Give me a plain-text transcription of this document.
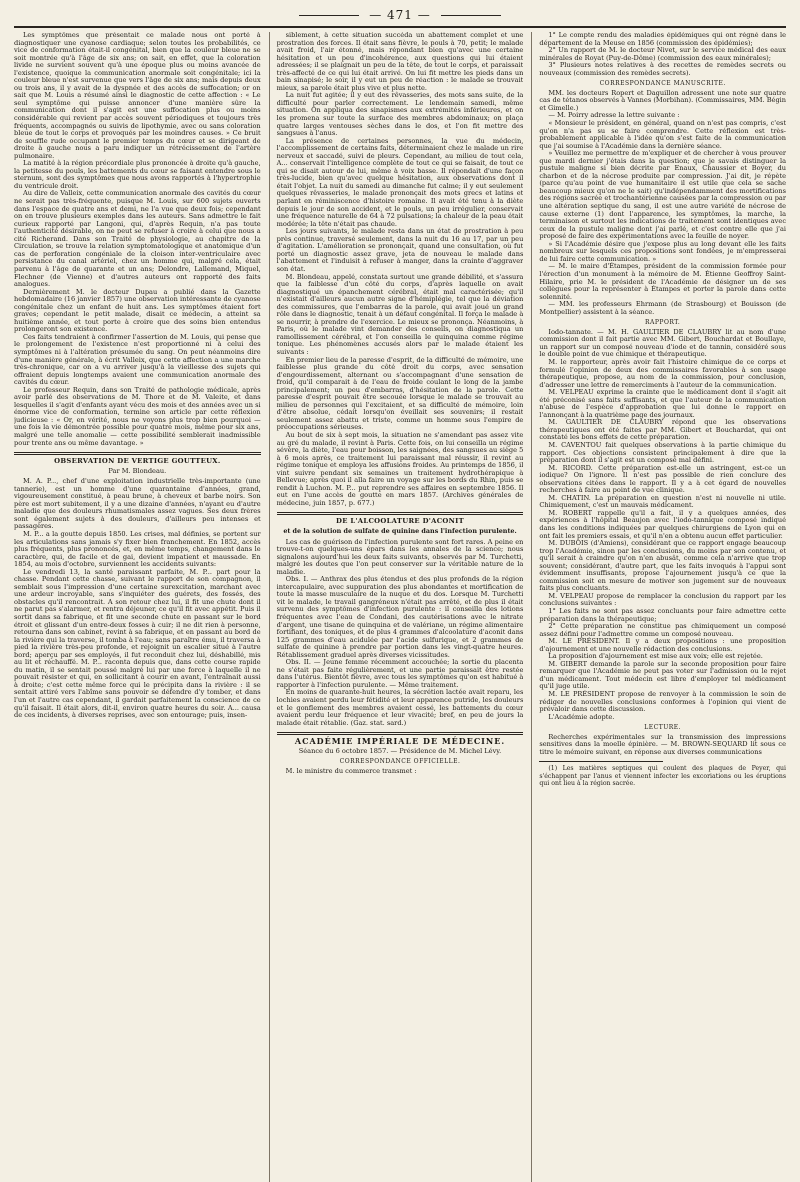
— 471 —

Les symptômes que présentait ce malade nous ont porté à diagnostiquer une cyanose cardiaque; selon toutes les probabilités, ce vice de conformation était-il congénital, bien que la couleur bleue ne se soit montrée qu'à l'âge de six ans; on sait, en effet, que la coloration livide ne survient souvent qu'à une époque plus ou moins avancée de l'existence, quoique la communication anormale soit congénitale; ici la couleur bleue n'est survenue que vers l'âge de six ans; mais depuis deux ou trois ans, il y avait de la dyspnée et des accès de suffocation; or on sait que M. Louis a résumé ainsi le diagnostic de cette affection : « Le seul symptôme qui puisse annoncer d'une manière sûre la communication dont il s'agit est une suffocation plus ou moins considérable qui revient par accès souvent périodiques et toujours très fréquents, accompagnés ou suivis de lipothymie, avec ou sans coloration bleue de tout le corps et provoqués par les moindres causes. » Ce bruit de souffle rude occupant le premier temps du cœur et se dirigeant de droite à gauche nous a paru indiquer un rétrécissement de l'artère pulmonaire.

La matité à la région précordiale plus prononcée à droite qu'à gauche, la petitesse du pouls, les battements du cœur se faisant entendre sous le sternum, sont des symptômes que nous avons rapportés à l'hypertrophie du ventricule droit.

Au dire de Valleix, cette communication anormale des cavités du cœur ne serait pas très-fréquente, puisque M. Louis, sur 600 sujets ouverts dans l'espace de quatre ans et demi, ne l'a vue que deux fois; cependant on en trouve plusieurs exemples dans les auteurs. Sans admettre le fait curieux rapporté par Langoni, qui, d'après Requin, n'a pas toute l'authenticité désirable, on ne peut se refuser à croire à celui que nous a cité Richerand. Dans son Traité de physiologie, au chapitre de la Circulation, se trouve la relation symptomatologique et anatomique d'un cas de perforation congéniale de la cloison inter-ventriculaire avec persistance du canal artériel, chez un homme qui, malgré cela, était parvenu à l'âge de quarante et un ans; Delondre, Lallemand, Miquel, Flechner (de Vienne) et d'autres auteurs ont rapporté des faits analogues.

Dernièrement M. le docteur Dupau a publié dans la Gazette hebdomadaire (16 janvier 1857) une observation intéressante de cyanose congénitale chez un enfant de huit ans. Les symptômes étaient fort graves; cependant le petit malade, disait ce médecin, a atteint sa huitième année, et tout porte à croire que des soins bien entendus prolongeront son existence.

Ces faits tendraient à confirmer l'assertion de M. Louis, qui pense que le prolongement de l'existence n'est proportionné ni à celui des symptômes ni à l'altération présumée du sang. On peut néanmoins dire d'une manière générale, à écrit Valleix, que cette affection a une marche très-chronique, car on a vu arriver jusqu'à la vieillesse des sujets qui offraient depuis longtemps avaient une communication anormale des cavités du cœur.

Le professeur Requin, dans son Traité de pathologie médicale, après avoir parlé des observations de M. Thore et de M. Valeite, et dans lesquelles il s'agit d'enfants ayant vécu des mois et des années avec un si énorme vice de conformation, termine son article par cette réflexion judicieuse : « Or, en vérité, nous ne voyons plus trop bien pourquoi — une fois la vie démontrée possible pour quatre mois, même pour six ans, malgré une telle anomalie — cette possibilité semblerait inadmissible pour trente ans ou même davantage. »

OBSERVATION DE VERTIGE GOUTTEUX.
Par M. Blondeau.

M. A. P..., chef d'une exploitation industrielle très-importante (une tannerie), est un homme d'une quarantaine d'années, grand, vigoureusement constitué, à peau brune, à cheveux et barbe noirs. Son père est mort subitement, il y a une dizaine d'années, n'ayant eu d'autre maladie que des douleurs rhumatismales assez vagues. Ses deux frères sont également sujets à des douleurs, d'ailleurs peu intenses et passagères.

M. P... a la goutte depuis 1850. Les crises, mal définies, se portent sur les articulations sans jamais s'y fixer bien franchement. En 1852, accès plus fréquents, plus prononcés, et, en même temps, changement dans le caractère, qui, de facile et de gai, devient impatient et maussade. En 1854, au mois d'octobre, surviennent les accidents suivants:

Le vendredi 13, la santé paraissant parfaite, M. P... part pour la chasse. Pendant cette chasse, suivant le rapport de son compagnon, il semblait sous l'impression d'une certaine surexcitation, marchant avec une ardeur incroyable, sans s'inquiéter des guérets, des fossés, des obstacles qu'il rencontrait. A son retour chez lui, il fit une chute dont il ne parut pas s'alarmer, et rentra déjeuner, ce qu'il fit avec appétit. Puis il sortit dans sa fabrique, et fit une seconde chute en passant sur le bord étroit et glissant d'un entre-deux fosses à cuir; il ne dit rien à personne, retourna dans son cabinet, revint à sa fabrique, et en passant au bord de la rivière qui la traverse, il tomba à l'eau; sans paraître ému, il traversa à pied la rivière très-peu profonde, et rejoignit un escalier situé à l'autre bord; aperçu par ses employés, il fut reconduit chez lui, déshabillé, mis au lit et réchauffé. M. P... raconta depuis que, dans cette course rapide du matin, il se sentait poussé malgré lui par une force à laquelle il ne pouvait résister et qui, en sollicitant à courir en avant, l'entraînait aussi à droite; c'est cette même force qui le précipita dans la rivière : il se sentait attiré vers l'abîme sans pouvoir se défendre d'y tomber, et dans l'un et l'autre cas cependant, il gardait parfaitement la conscience de ce qu'il faisait. Il était alors, dit-il, environ quatre heures du soir. A... causa de ces incidents, à diverses reprises, avec son entourage; puis, insen-

siblement, à cette situation succéda un abattement complet et une prostration des forces. Il était sans fièvre, le pouls à 70, petit; le malade avait froid, l'air étonné, mais répondant bien qu'avec une certaine hésitation et un peu d'incohérence, aux questions qui lui étaient adressées; il se plaignait un peu de la tête, de tout le corps, et paraissait très-affecté de ce qui lui était arrivé. On lui fit mettre les pieds dans un bain sinapisé; le soir, il y eut un peu de réaction : le malade se trouvait mieux, sa parole était plus vive et plus nette.

La nuit fut agitée; il y eut des rêvasseries, des mots sans suite, de la difficulté pour parler correctement. Le lendemain samedi, même situation. On appliqua des sinapismes aux extrémités inférieures, et on les promena sur toute la surface des membres abdominaux; on plaça quatre larges ventouses sèches dans le dos, et l'on fit mettre des sangsues à l'anus.

La présence de certaines personnes, la vue du médecin, l'accomplissement de certains faits, déterminaient chez le malade un rire nerveux et saccadé, suivi de pleurs. Cependant, au milieu de tout cela, A... conservait l'intelligence complète de tout ce qui se faisait, de tout ce qui se disait autour de lui, même à voix basse. Il répondait d'une façon très-lucide, bien qu'avec quelque hésitation, aux observations dont il était l'objet. La nuit du samedi au dimanche fut calme; il y eut seulement quelques rêvasseries, le malade prononçait des mots grecs et latins et parlant en réminiscence d'histoire romaine. Il avait été tenu à la diète depuis le jour de son accident, et le pouls, un peu irrégulier, conservait une fréquence naturelle de 64 à 72 pulsations; la chaleur de la peau était modérée; la tête n'était pas chaude.

Les jours suivants, le malade resta dans un état de prostration à peu près continue, traversé seulement, dans la nuit du 16 au 17, par un peu d'agitation. L'amélioration se prononçait, quand une consultation, où fut porté un diagnostic assez grave, jeta de nouveau le malade dans l'abattement et l'induisit à refuser à manger, dans la crainte d'aggraver son état.

M. Blondeau, appelé, constata surtout une grande débilité, et s'assura que la faiblesse d'un côté du corps, d'après laquelle on avait diagnostiqué un épanchement cérébral, était mal caractérisée; qu'il n'existait d'ailleurs aucun autre signe d'hémiplégie, tel que la déviation des commissures, que l'embarras de la parole, qui avait joué un grand rôle dans le diagnostic, tenait à un défaut congénital. Il força le malade à se nourrir, à prendre de l'exercice. Le mieux se prononça. Néanmoins, à Paris, où le malade vint demander des conseils, on diagnostiqua un ramollissement cérébral, et l'on conseilla le quinquina comme régime tonique. Les phénomènes accusés alors par le malade étaient les suivants :

En premier lieu de la paresse d'esprit, de la difficulté de mémoire, une faiblesse plus grande du côté droit du corps, avec sensation d'engourdissement, alternant ou s'accompagnant d'une sensation de froid, qu'il comparait à de l'eau de froide coulant le long de la jambe principalement; un peu d'embarras, d'hésitation de la parole. Cette paresse d'esprit pouvait être secouée lorsque le malade se trouvait au milieu de personnes qui l'excitaient, et sa difficulté de mémoire, loin d'être absolue, cédait lorsqu'on éveillait ses souvenirs; il restait seulement assez abattu et triste, comme un homme sous l'empire de préoccupations sérieuses.

Au bout de six à sept mois, la situation ne s'amendant pas assez vite au gré du malade, il revint à Paris. Cette fois, on lui conseilla un régime sévère, la diète, l'eau pour boisson, les saignées, des sangsues au siège 5 à 6 mois après, ce traitement lui paraissant mal réussir, il revint au régime tonique et employa les affusions froides. Au printemps de 1856, il vint suivre pendant six semaines un traitement hydrothérapique à Bellevue; après quoi il alla faire un voyage sur les bords du Rhin, puis se rendit à Luchon. M. P... put reprendre ses affaires en septembre 1856. Il eut en l'une accès de goutte en mars 1857. (Archives générales de médecine, juin 1857, p. 677.)

DE L'ALCOOLATURE D'ACONIT
et de la solution de sulfate de quinine dans l'infection purulente.

Les cas de guérison de l'infection purulente sont fort rares. A peine en trouve-t-on quelques-uns épars dans les annales de la science; nous signalons aujourd'hui les deux faits suivants, observés par M. Turchetti, malgré les doutes que l'on peut conserver sur la véritable nature de la maladie.

Obs. I. — Anthrax des plus étendus et des plus profonds de la région intercapulaire, avec suppuration des plus abondantes et mortification de toute la masse musculaire de la nuque et du dos. Lorsque M. Turchetti vit le malade, le travail gangréneux n'était pas arrêté, et de plus il était survenu des symptômes d'infection purulente : il conseilla des lotions fréquentes avec l'eau de Condani, des cautérisations avec le nitrate d'argent, une tisane de quinquina et de valériane, un régime alimentaire fortifiant, des toniques, et de plus 4 grammes d'alcoolature d'aconit dans 125 grammes d'eau acidulée par l'acide sulfurique, et 2 grammes de sulfate de quinine à prendre par portion dans les vingt-quatre heures. Rétablissement graduel après diverses vicissitudes.

Obs. II. — Jeune femme récemment accouchée; la sortie du placenta ne s'était pas faite régulièrement, et une partie paraissait être restée dans l'utérus. Bientôt fièvre, avec tous les symptômes qu'on est habitué à rapporter à l'infection purulente. — Même traitement.

En moins de quarante-huit heures, la sécrétion lactée avait reparu, les lochies avaient perdu leur fétidité et leur apparence putride, les douleurs et le gonflement des membres avaient cessé, les battements du cœur avaient perdu leur fréquence et leur vivacité; bref, en peu de jours la malade était rétablie. (Gaz. stat. sard.)

ACADÉMIE IMPÉRIALE DE MÉDECINE.
Séance du 6 octobre 1857. — Présidence de M. Michel Lévy.
CORRESPONDANCE OFFICIELLE.

M. le ministre du commerce transmet :

1° Le compte rendu des maladies épidémiques qui ont régné dans le département de la Meuse en 1856 (commission des épidémies);

2° Un rapport de M. le docteur Nivet, sur le service médical des eaux minérales de Royat (Puy-de-Dôme) (commission des eaux minérales);

3° Plusieurs notes relatives à des recettes de remèdes secrets ou nouveaux (commission des remèdes secrets).

CORRESPONDANCE MANUSCRITE.

MM. les docteurs Ropert et Daguillon adressent une note sur quatre cas de tétanos observés à Vannes (Morbihan). (Commissaires, MM. Bégin et Gimelle.)

— M. Poirry adresse la lettre suivante :

« Monsieur le président, en général, quand on n'est pas compris, c'est qu'on n'a pas su se faire comprendre. Cette réflexion est très-probablement applicable à l'idée qu'on s'est faite de la communication que j'ai soumise à l'Académie dans la dernière séance.

» Veuillez me permettre de m'expliquer et de chercher à vous prouver que mardi dernier j'étais dans la question; que je savais distinguer la pustule maligne si bien décrite par Enaux, Chaussier et Boyer, du charbon et de la nécrose produite par compression. J'ai dit, je répète (parce qu'au point de vue humanitaire il est utile que cela se sache beaucoup mieux qu'on ne le sait) qu'indépendamment des mortifications des régions sacrée et trochantérienne causées par la compression ou par une altération septique du sang, il est une autre variété de nécrose de cause externe (1) dont l'apparence, les symptômes, la marche, la terminaison et surtout les indications de traitement sont identiques avec ceux de la pustule maligne dont j'ai parlé, et c'est contre elle que j'ai proposé de faire des expérimentations avec la feuille de noyer.

» Si l'Académie désire que j'expose plus au long devant elle les faits nombreux sur lesquels ces propositions sont fondées, je m'empresserai de lui faire cette communication. »

— M. le maire d'Étampes, président de la commission formée pour l'érection d'un monument à la mémoire de M. Étienne Geoffroy Saint-Hilaire, prie M. le président de l'Académie de désigner un de ses collègues pour la représenter à Étampes et porter la parole dans cette solennité.

— MM. les professeurs Ehrmann (de Strasbourg) et Bouisson (de Montpellier) assistent à la séance.

RAPPORT.

Iodo-tannate. — M. H. GAULTIER DE CLAUBRY lit au nom d'une commission dont il fait partie avec MM. Gibert, Bouchardat et Boullaye, un rapport sur un composé nouveau d'iode et de tannin, considéré sous le double point de vue chimique et thérapeutique.

M. le rapporteur, après avoir fait l'histoire chimique de ce corps et formulé l'opinion de deux des commissaires favorables à son usage thérapeutique, propose, au nom de la commission, pour conclusion, d'adresser une lettre de remerciments à l'auteur de la communication.

M. VELPEAU exprime la crainte que le médicament dont il s'agit ait été préconisé sans faits suffisants, et que l'auteur de la communication n'abuse de l'espèce d'approbation que lui donne le rapport en l'annonçant à la quatrième page des journaux.

M. GAULTIER DE CLAUBRY répond que les observations thérapeutiques ont été faites par MM. Gibert et Bouchardat, qui ont constaté les bons effets de cette préparation.

M. CAVENTOU fait quelques observations à la partie chimique du rapport. Ces objections consistent principalement à dire que la préparation dont il s'agit est un composé mal défini.

M. RICORD. Cette préparation est-elle un astringent, est-ce un iodique? On l'ignore. Il n'est pas possible de rien conclure des observations citées dans le rapport. Il y a à cet égard de nouvelles recherches à faire au point de vue clinique.

M. CHATIN. La préparation en question n'est ni nouvelle ni utile. Chimiquement, c'est un mauvais médicament.

M. ROBERT rappelle qu'il a fait, il y a quelques années, des expériences à l'hôpital Beaujon avec l'iodo-tannique composé indiqué dans les conditions indiquées par quelques chirurgiens de Lyon qui en ont fait les premiers essais, et qu'il n'en a obtenu aucun effet particulier.

M. DUBOIS (d'Amiens), considérant que ce rapport engage beaucoup trop l'Académie, sinon par les conclusions, du moins par son contenu, et qu'il serait à craindre qu'on n'en abusât, comme cela n'arrive que trop souvent; considérant, d'autre part, que les faits invoqués à l'appui sont évidemment insuffisants, propose l'ajournement jusqu'à ce que la commission soit en mesure de motiver son jugement sur de nouveaux faits plus concluants.

M. VELPEAU propose de remplacer la conclusion du rapport par les conclusions suivantes :

1° Les faits ne sont pas assez concluants pour faire admettre cette préparation dans la thérapeutique;

2° Cette préparation ne constitue pas chimiquement un composé assez défini pour l'admettre comme un composé nouveau.

M. LE PRÉSIDENT. Il y a deux propositions : une proposition d'ajournement et une nouvelle rédaction des conclusions.

La proposition d'ajournement est mise aux voix; elle est rejetée.

M. GIBERT demande la parole sur la seconde proposition pour faire remarquer que l'Académie ne peut pas voter sur l'admission ou le rejet d'un médicament. Tout médecin est libre d'employer tel médicament qu'il juge utile.

M. LE PRÉSIDENT propose de renvoyer à la commission le soin de rédiger de nouvelles conclusions conformes à l'opinion qui vient de prévaloir dans cette discussion.

L'Académie adopte.

LECTURE.

Recherches expérimentales sur la transmission des impressions sensitives dans la moelle épinière. — M. BROWN-SEQUARD lit sous ce titre le mémoire suivant, en réponse aux diverses communications

(1) Les matières septiques qui coulent des plaques de Peyer, qui s'échappent par l'anus et viennent infecter les excoriations ou les éruptions qui ont lieu à la région sacrée.
